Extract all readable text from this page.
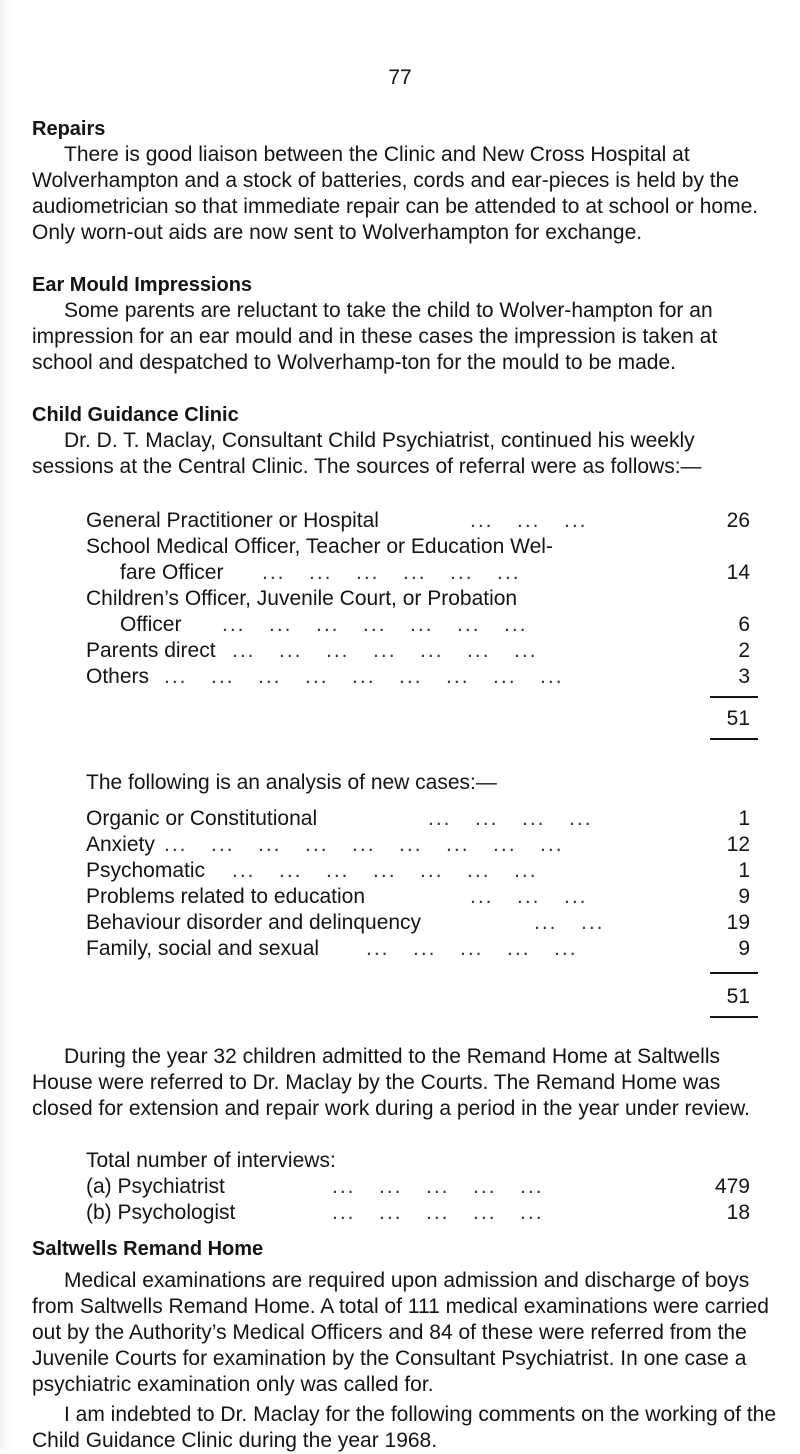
77
Repairs
There is good liaison between the Clinic and New Cross Hospital at Wolverhampton and a stock of batteries, cords and ear-pieces is held by the audiometrician so that immediate repair can be attended to at school or home. Only worn-out aids are now sent to Wolverhampton for exchange.
Ear Mould Impressions
Some parents are reluctant to take the child to Wolver-hampton for an impression for an ear mould and in these cases the impression is taken at school and despatched to Wolverhamp-ton for the mould to be made.
Child Guidance Clinic
Dr. D. T. Maclay, Consultant Child Psychiatrist, continued his weekly sessions at the Central Clinic. The sources of referral were as follows:—
General Practitioner or Hospital	...   ...   ...	26
School Medical Officer, Teacher or Education Wel-
fare Officer ...   ...   ...   ...   ...   ...	14
Children’s Officer, Juvenile Court, or Probation
Officer ...   ...   ...   ...   ...   ...   ...	6
Parents direct ...   ...   ...   ...   ...   ...   ...	2
Others ...   ...   ...   ...   ...   ...   ...   ...   ...	3
51
The following is an analysis of new cases:—
Organic or Constitutional	...   ...   ...   ...	1
Anxiety ...   ...   ...   ...   ...   ...   ...   ...   ...	12
Psychomatic ...   ...   ...   ...   ...   ...   ...	1
Problems related to education	...   ...   ...	9
Behaviour disorder and delinquency	...   ...	19
Family, social and sexual ...   ...   ...   ...   ...	9
51
During the year 32 children admitted to the Remand Home at Saltwells House were referred to Dr. Maclay by the Courts. The Remand Home was closed for extension and repair work during a period in the year under review.
Total number of interviews:
(a) Psychiatrist	...   ...   ...   ...   ...	479
(b) Psychologist	...   ...   ...   ...   ...	18
Saltwells Remand Home
Medical examinations are required upon admission and discharge of boys from Saltwells Remand Home. A total of 111 medical examinations were carried out by the Authority’s Medical Officers and 84 of these were referred from the Juvenile Courts for examination by the Consultant Psychiatrist. In one case a psychiatric examination only was called for.
I am indebted to Dr. Maclay for the following comments on the working of the Child Guidance Clinic during the year 1968.
